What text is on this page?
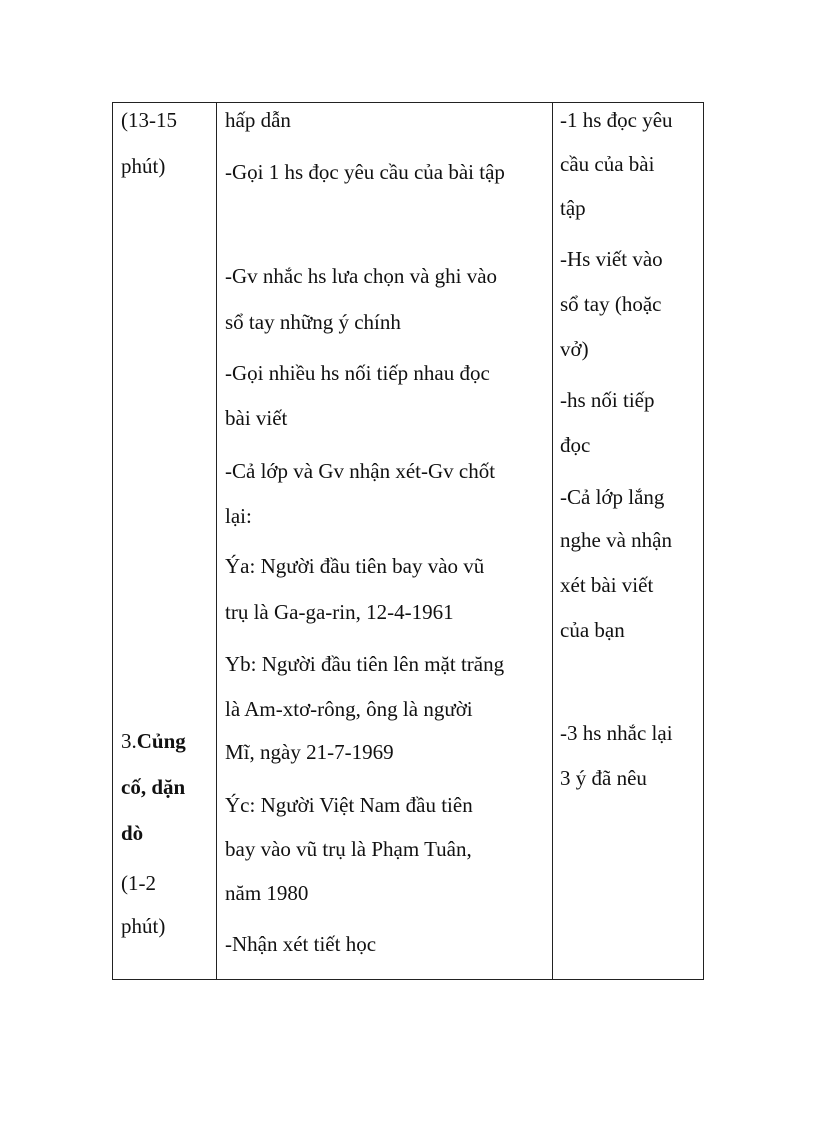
(13-15

phút)

3.Củng

cố, dặn

dò

(1-2

phút)

hấp dẫn

-Gọi 1 hs đọc yêu cầu của bài tập

-Gv nhắc hs lưa chọn và ghi vào

sổ tay những ý chính

-Gọi nhiều hs nối tiếp nhau đọc

bài viết

-Cả lớp và Gv nhận xét-Gv chốt

lại:

Ýa: Người đầu tiên bay vào vũ

trụ là Ga-ga-rin, 12-4-1961

Yb: Người đầu tiên lên mặt trăng

là Am-xtơ-rông, ông là người

Mĩ, ngày 21-7-1969

Ýc: Người Việt Nam đầu tiên

bay vào vũ trụ là Phạm Tuân,

năm 1980

-Nhận xét tiết học

-1 hs đọc yêu

cầu của bài

tập

-Hs viết vào

sổ tay (hoặc

vở)

-hs nối tiếp

đọc

-Cả lớp lắng

nghe và nhận

xét bài viết

của bạn

-3 hs nhắc lại

3 ý đã nêu
